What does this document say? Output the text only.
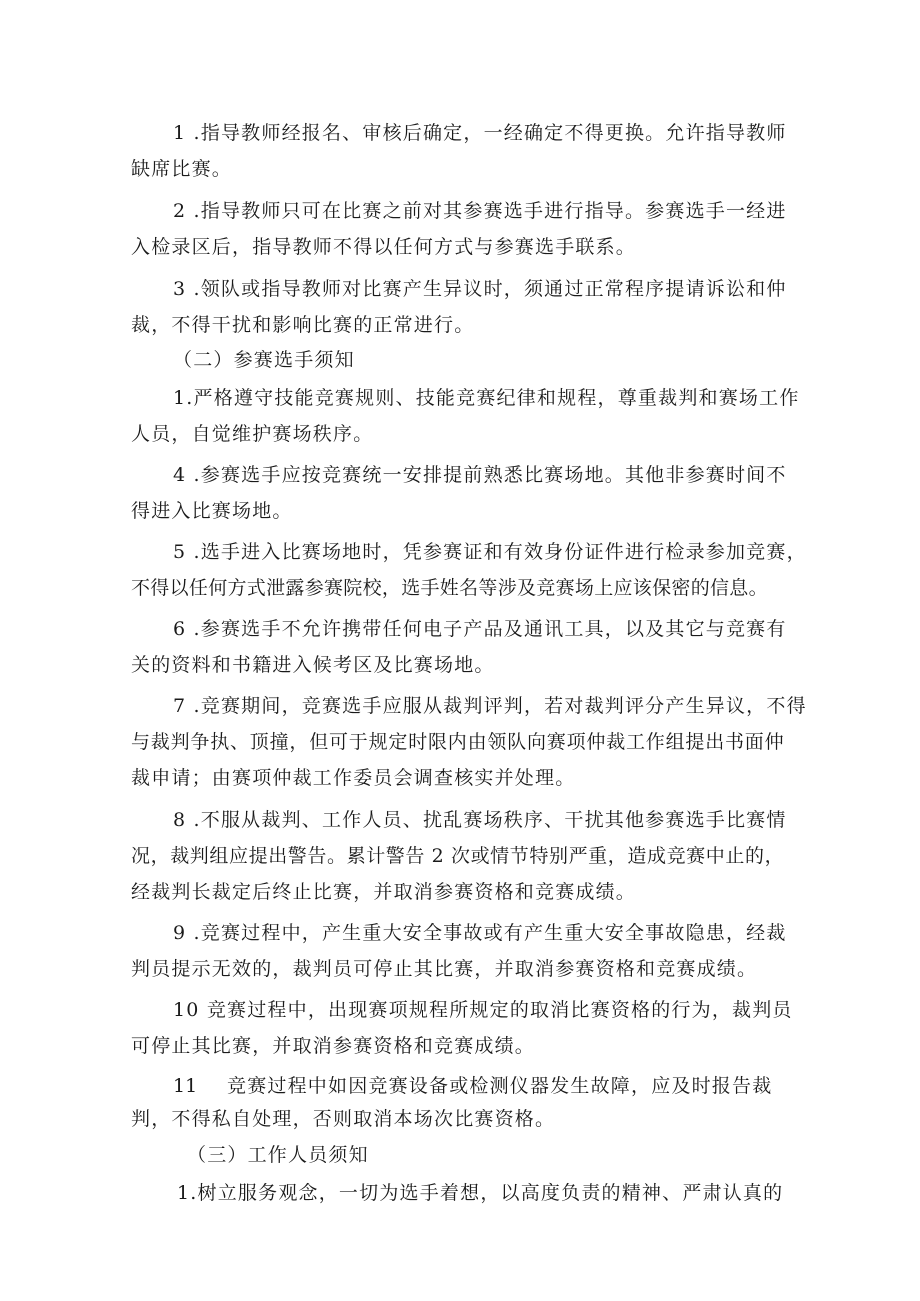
1 .指导教师经报名、审核后确定，一经确定不得更换。允许指导教师
缺席比赛。
2 .指导教师只可在比赛之前对其参赛选手进行指导。参赛选手一经进
入检录区后，指导教师不得以任何方式与参赛选手联系。
3 .领队或指导教师对比赛产生异议时，须通过正常程序提请诉讼和仲
裁，不得干扰和影响比赛的正常进行。
（二）参赛选手须知
1.严格遵守技能竞赛规则、技能竞赛纪律和规程，尊重裁判和赛场工作
人员，自觉维护赛场秩序。
4 .参赛选手应按竞赛统一安排提前熟悉比赛场地。其他非参赛时间不
得进入比赛场地。
5 .选手进入比赛场地时，凭参赛证和有效身份证件进行检录参加竞赛，
不得以任何方式泄露参赛院校，选手姓名等涉及竞赛场上应该保密的信息。
6 .参赛选手不允许携带任何电子产品及通讯工具，以及其它与竞赛有
关的资料和书籍进入候考区及比赛场地。
7 .竞赛期间，竞赛选手应服从裁判评判，若对裁判评分产生异议，不得
与裁判争执、顶撞，但可于规定时限内由领队向赛项仲裁工作组提出书面仲
裁申请；由赛项仲裁工作委员会调查核实并处理。
8 .不服从裁判、工作人员、扰乱赛场秩序、干扰其他参赛选手比赛情
况，裁判组应提出警告。累计警告 2 次或情节特别严重，造成竞赛中止的，
经裁判长裁定后终止比赛，并取消参赛资格和竞赛成绩。
9 .竞赛过程中，产生重大安全事故或有产生重大安全事故隐患，经裁
判员提示无效的，裁判员可停止其比赛，并取消参赛资格和竞赛成绩。
10 竞赛过程中，出现赛项规程所规定的取消比赛资格的行为，裁判员
可停止其比赛，并取消参赛资格和竞赛成绩。
11 竞赛过程中如因竞赛设备或检测仪器发生故障，应及时报告裁
判，不得私自处理，否则取消本场次比赛资格。
（三）工作人员须知
1.树立服务观念，一切为选手着想，以高度负责的精神、严肃认真的
